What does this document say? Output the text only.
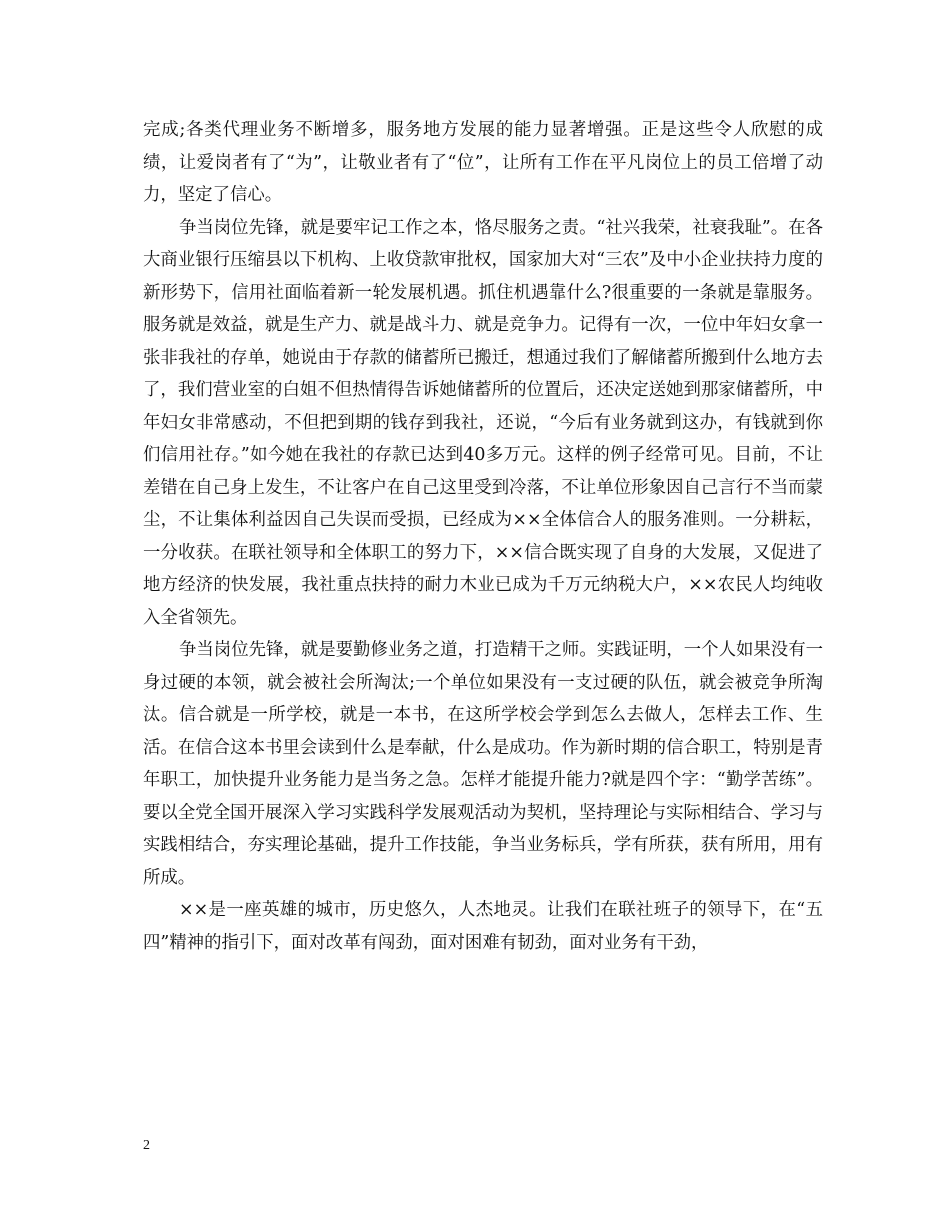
完成;各类代理业务不断增多，服务地方发展的能力显著增强。正是这些令人欣慰的成绩，让爱岗者有了“为”，让敬业者有了“位”，让所有工作在平凡岗位上的员工倍增了动力，坚定了信心。

争当岗位先锋，就是要牢记工作之本，恪尽服务之责。“社兴我荣，社衰我耻”。在各大商业银行压缩县以下机构、上收贷款审批权，国家加大对“三农”及中小企业扶持力度的新形势下，信用社面临着新一轮发展机遇。抓住机遇靠什么?很重要的一条就是靠服务。服务就是效益，就是生产力、就是战斗力、就是竞争力。记得有一次，一位中年妇女拿一张非我社的存单，她说由于存款的储蓄所已搬迁，想通过我们了解储蓄所搬到什么地方去了，我们营业室的白姐不但热情得告诉她储蓄所的位置后，还决定送她到那家储蓄所，中年妇女非常感动，不但把到期的钱存到我社，还说，“今后有业务就到这办，有钱就到你们信用社存。”如今她在我社的存款已达到40多万元。这样的例子经常可见。目前，不让差错在自己身上发生，不让客户在自己这里受到冷落，不让单位形象因自己言行不当而蒙尘，不让集体利益因自己失误而受损，已经成为××全体信合人的服务准则。一分耕耘，一分收获。在联社领导和全体职工的努力下，××信合既实现了自身的大发展，又促进了地方经济的快发展，我社重点扶持的耐力木业已成为千万元纳税大户，××农民人均纯收入全省领先。

争当岗位先锋，就是要勤修业务之道，打造精干之师。实践证明，一个人如果没有一身过硬的本领，就会被社会所淘汰;一个单位如果没有一支过硬的队伍，就会被竞争所淘汰。信合就是一所学校，就是一本书，在这所学校会学到怎么去做人，怎样去工作、生活。在信合这本书里会读到什么是奉献，什么是成功。作为新时期的信合职工，特别是青年职工，加快提升业务能力是当务之急。怎样才能提升能力?就是四个字：“勤学苦练”。要以全党全国开展深入学习实践科学发展观活动为契机，坚持理论与实际相结合、学习与实践相结合，夯实理论基础，提升工作技能，争当业务标兵，学有所获，获有所用，用有所成。

××是一座英雄的城市，历史悠久，人杰地灵。让我们在联社班子的领导下，在“五四”精神的指引下，面对改革有闯劲，面对困难有韧劲，面对业务有干劲，

2
